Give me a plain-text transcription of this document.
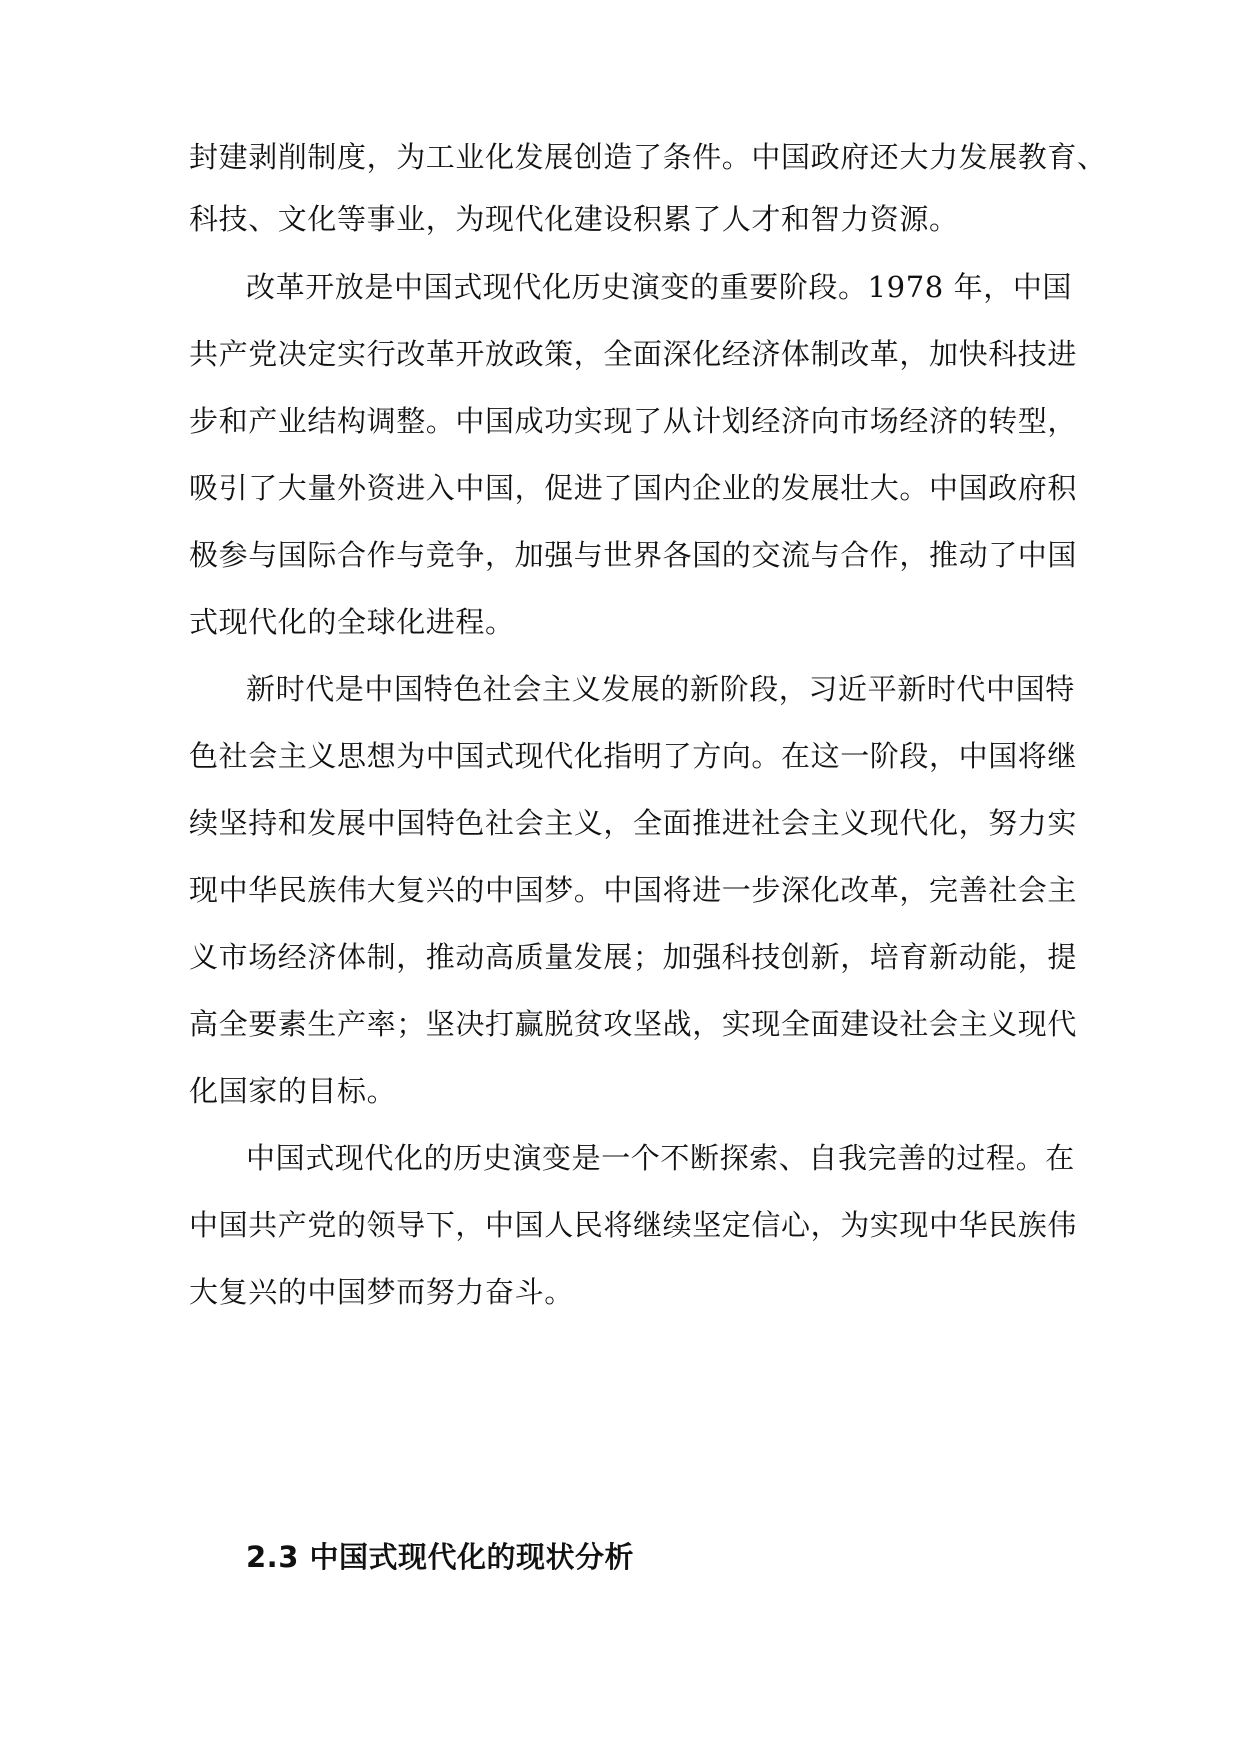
封建剥削制度，为工业化发展创造了条件。中国政府还大力发展教育、

科技、文化等事业，为现代化建设积累了人才和智力资源。

改革开放是中国式现代化历史演变的重要阶段。1978 年，中国

共产党决定实行改革开放政策，全面深化经济体制改革，加快科技进

步和产业结构调整。中国成功实现了从计划经济向市场经济的转型，

吸引了大量外资进入中国，促进了国内企业的发展壮大。中国政府积

极参与国际合作与竞争，加强与世界各国的交流与合作，推动了中国

式现代化的全球化进程。

新时代是中国特色社会主义发展的新阶段，习近平新时代中国特

色社会主义思想为中国式现代化指明了方向。在这一阶段，中国将继

续坚持和发展中国特色社会主义，全面推进社会主义现代化，努力实

现中华民族伟大复兴的中国梦。中国将进一步深化改革，完善社会主

义市场经济体制，推动高质量发展；加强科技创新，培育新动能，提

高全要素生产率；坚决打赢脱贫攻坚战，实现全面建设社会主义现代

化国家的目标。

中国式现代化的历史演变是一个不断探索、自我完善的过程。在

中国共产党的领导下，中国人民将继续坚定信心，为实现中华民族伟

大复兴的中国梦而努力奋斗。

2.3 中国式现代化的现状分析
